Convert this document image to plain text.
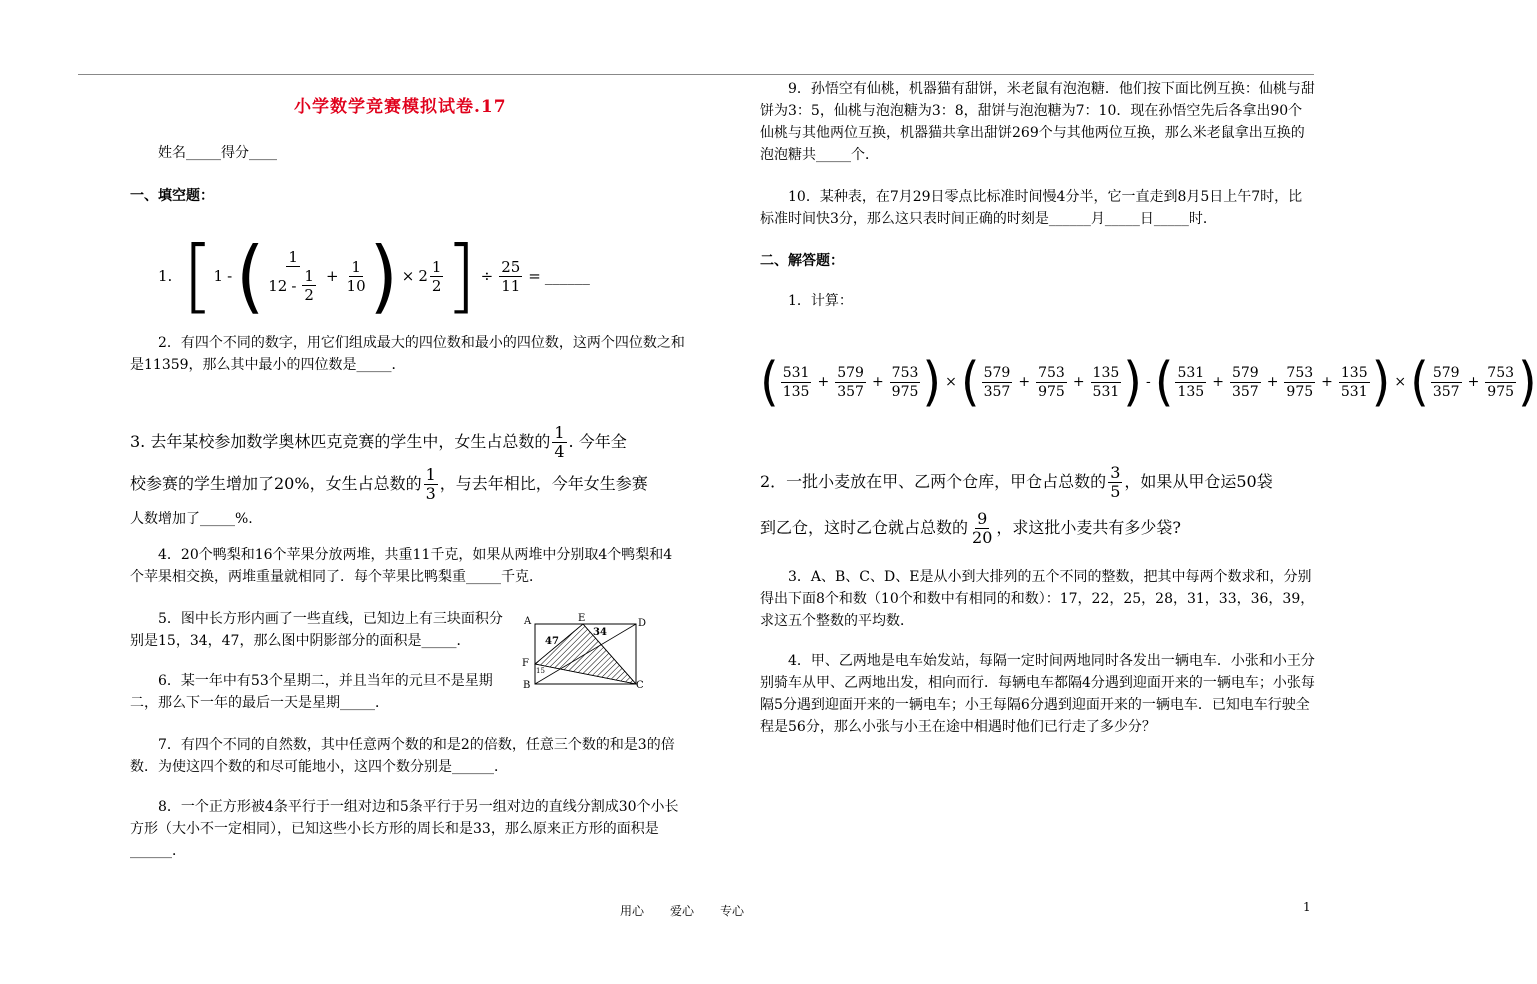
小学数学竞赛模拟试卷.17
姓名_____得分____
一、填空题：
1. [ 1 - ( $\frac{1}{12 - \frac{1}{2}} + \frac{1}{10}$ ) × $2 \frac{1}{2}$ ] ÷ $\frac{25}{11}$ = ______
2．有四个不同的数字，用它们组成最大的四位数和最小的四位数，这两个四位数之和是11359，那么其中最小的四位数是_____．
3. 去年某校参加数学奥林匹克竞赛的学生中，女生占总数的 $\frac{1}{4}$ . 今年全
校参赛的学生增加了20%，女生占总数的 $\frac{1}{3}$ ，与去年相比，今年女生参赛
人数增加了_____%.
4．20个鸭梨和16个苹果分放两堆，共重11千克，如果从两堆中分别取4个鸭梨和4个苹果相交换，两堆重量就相同了．每个苹果比鸭梨重_____千克．
5．图中长方形内画了一些直线，已知边上有三块面积分别是15，34，47，那么图中阴影部分的面积是_____．
A	E	D
F
B	C
47
34
15
6．某一年中有53个星期二，并且当年的元旦不是星期二，那么下一年的最后一天是星期_____．
7．有四个不同的自然数，其中任意两个数的和是2的倍数，任意三个数的和是3的倍数．为使这四个数的和尽可能地小，这四个数分别是______．
8．一个正方形被4条平行于一组对边和5条平行于另一组对边的直线分割成30个小长方形（大小不一定相同），已知这些小长方形的周长和是33，那么原来正方形的面积是______．
9．孙悟空有仙桃，机器猫有甜饼，米老鼠有泡泡糖．他们按下面比例互换：仙桃与甜饼为3：5，仙桃与泡泡糖为3：8，甜饼与泡泡糖为7：10．现在孙悟空先后各拿出90个仙桃与其他两位互换，机器猫共拿出甜饼269个与其他两位互换，那么米老鼠拿出互换的泡泡糖共_____个．
10．某种表，在7月29日零点比标准时间慢4分半，它一直走到8月5日上午7时，比标准时间快3分，那么这只表时间正确的时刻是______月_____日_____时．
二、解答题：
1．计算：
( $\frac{531}{135} + \frac{579}{357} + \frac{753}{975}$ ) × ( $\frac{579}{357} + \frac{753}{975} + \frac{135}{531}$ ) - ( $\frac{531}{135} + \frac{579}{357} + \frac{753}{975} + \frac{135}{531}$ ) × ( $\frac{579}{357} + \frac{753}{975}$ )
2．一批小麦放在甲、乙两个仓库，甲仓占总数的 $\frac{3}{5}$ ，如果从甲仓运50袋
到乙仓，这时乙仓就占总数的 $\frac{9}{20}$ ，求这批小麦共有多少袋?
3．A、B、C、D、E是从小到大排列的五个不同的整数，把其中每两个数求和，分别得出下面8个和数（10个和数中有相同的和数）：17，22，25，28，31，33，36，39，求这五个整数的平均数．
4．甲、乙两地是电车始发站，每隔一定时间两地同时各发出一辆电车．小张和小王分别骑车从甲、乙两地出发，相向而行．每辆电车都隔4分遇到迎面开来的一辆电车；小张每隔5分遇到迎面开来的一辆电车；小王每隔6分遇到迎面开来的一辆电车．已知电车行驶全程是56分，那么小张与小王在途中相遇时他们已行走了多少分？
用心 爱心 专心	1
